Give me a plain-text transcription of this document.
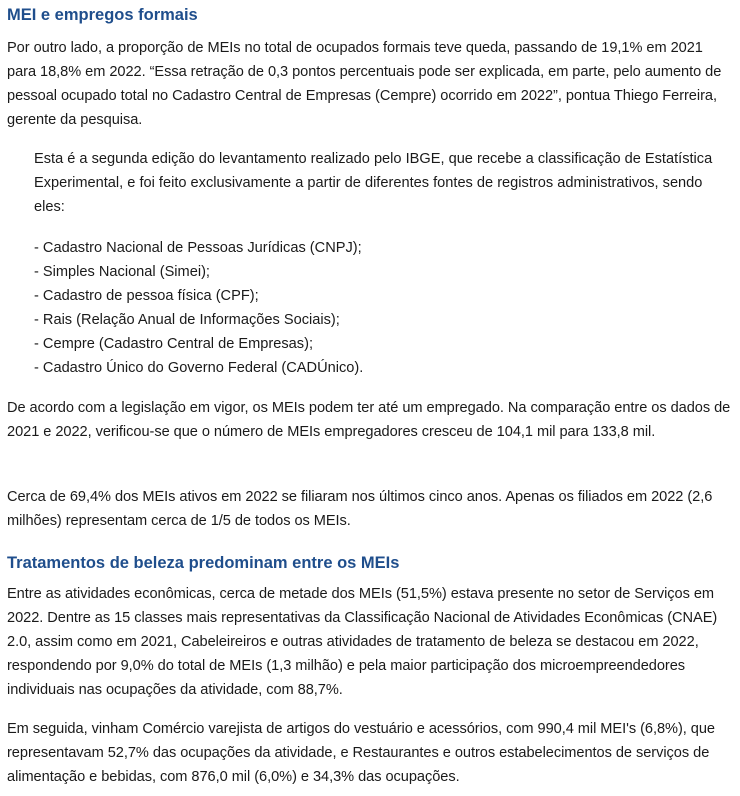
MEI e empregos formais

Por outro lado, a proporção de MEIs no total de ocupados formais teve queda, passando de 19,1% em 2021 para 18,8% em 2022. “Essa retração de 0,3 pontos percentuais pode ser explicada, em parte, pelo aumento de pessoal ocupado total no Cadastro Central de Empresas (Cempre) ocorrido em 2022”, pontua Thiego Ferreira, gerente da pesquisa.

Esta é a segunda edição do levantamento realizado pelo IBGE, que recebe a classificação de Estatística Experimental, e foi feito exclusivamente a partir de diferentes fontes de registros administrativos, sendo eles:

- Cadastro Nacional de Pessoas Jurídicas (CNPJ);
- Simples Nacional (Simei);
- Cadastro de pessoa física (CPF);
- Rais (Relação Anual de Informações Sociais);
- Cempre (Cadastro Central de Empresas);
- Cadastro Único do Governo Federal (CADÚnico).

De acordo com a legislação em vigor, os MEIs podem ter até um empregado. Na comparação entre os dados de 2021 e 2022, verificou-se que o número de MEIs empregadores cresceu de 104,1 mil para 133,8 mil.

Cerca de 69,4% dos MEIs ativos em 2022 se filiaram nos últimos cinco anos. Apenas os filiados em 2022 (2,6 milhões) representam cerca de 1/5 de todos os MEIs.

Tratamentos de beleza predominam entre os MEIs

Entre as atividades econômicas, cerca de metade dos MEIs (51,5%) estava presente no setor de Serviços em 2022. Dentre as 15 classes mais representativas da Classificação Nacional de Atividades Econômicas (CNAE) 2.0, assim como em 2021, Cabeleireiros e outras atividades de tratamento de beleza se destacou em 2022, respondendo por 9,0% do total de MEIs (1,3 milhão) e pela maior participação dos microempreendedores individuais nas ocupações da atividade, com 88,7%.

Em seguida, vinham Comércio varejista de artigos do vestuário e acessórios, com 990,4 mil MEI's (6,8%), que representavam 52,7% das ocupações da atividade, e Restaurantes e outros estabelecimentos de serviços de alimentação e bebidas, com 876,0 mil (6,0%) e 34,3% das ocupações.
